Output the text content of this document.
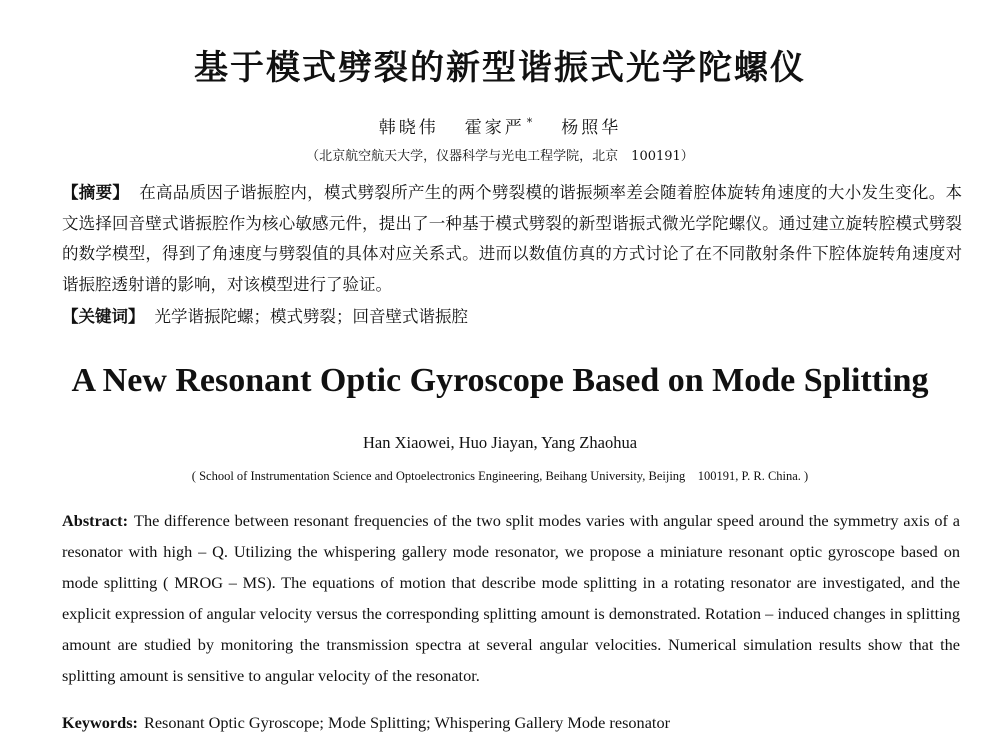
基于模式劈裂的新型谐振式光学陀螺仪
韩晓伟 霍家严 * 杨照华
（北京航空航天大学，仪器科学与光电工程学院，北京　100191）
【摘要】 在高品质因子谐振腔内，模式劈裂所产生的两个劈裂模的谐振频率差会随着腔体旋转角速度的大小发生变化。本文选择回音壁式谐振腔作为核心敏感元件，提出了一种基于模式劈裂的新型谐振式微光学陀螺仪。通过建立旋转腔模式劈裂的数学模型，得到了角速度与劈裂值的具体对应关系式。进而以数值仿真的方式讨论了在不同散射条件下腔体旋转角速度对谐振腔透射谱的影响，对该模型进行了验证。
【关键词】 光学谐振陀螺；模式劈裂；回音壁式谐振腔
A New Resonant Optic Gyroscope Based on Mode Splitting
Han Xiaowei, Huo Jiayan, Yang Zhaohua
( School of Instrumentation Science and Optoelectronics Engineering, Beihang University, Beijing　100191, P. R. China. )
Abstract: The difference between resonant frequencies of the two split modes varies with angular speed around the symmetry axis of a resonator with high – Q. Utilizing the whispering gallery mode resonator, we propose a miniature resonant optic gyroscope based on mode splitting ( MROG – MS). The equations of motion that describe mode splitting in a rotating resonator are investigated, and the explicit expression of angular velocity versus the corresponding splitting amount is demonstrated. Rotation – induced changes in splitting amount are studied by monitoring the transmission spectra at several angular velocities. Numerical simulation results show that the splitting amount is sensitive to angular velocity of the resonator.
Keywords: Resonant Optic Gyroscope; Mode Splitting; Whispering Gallery Mode resonator
